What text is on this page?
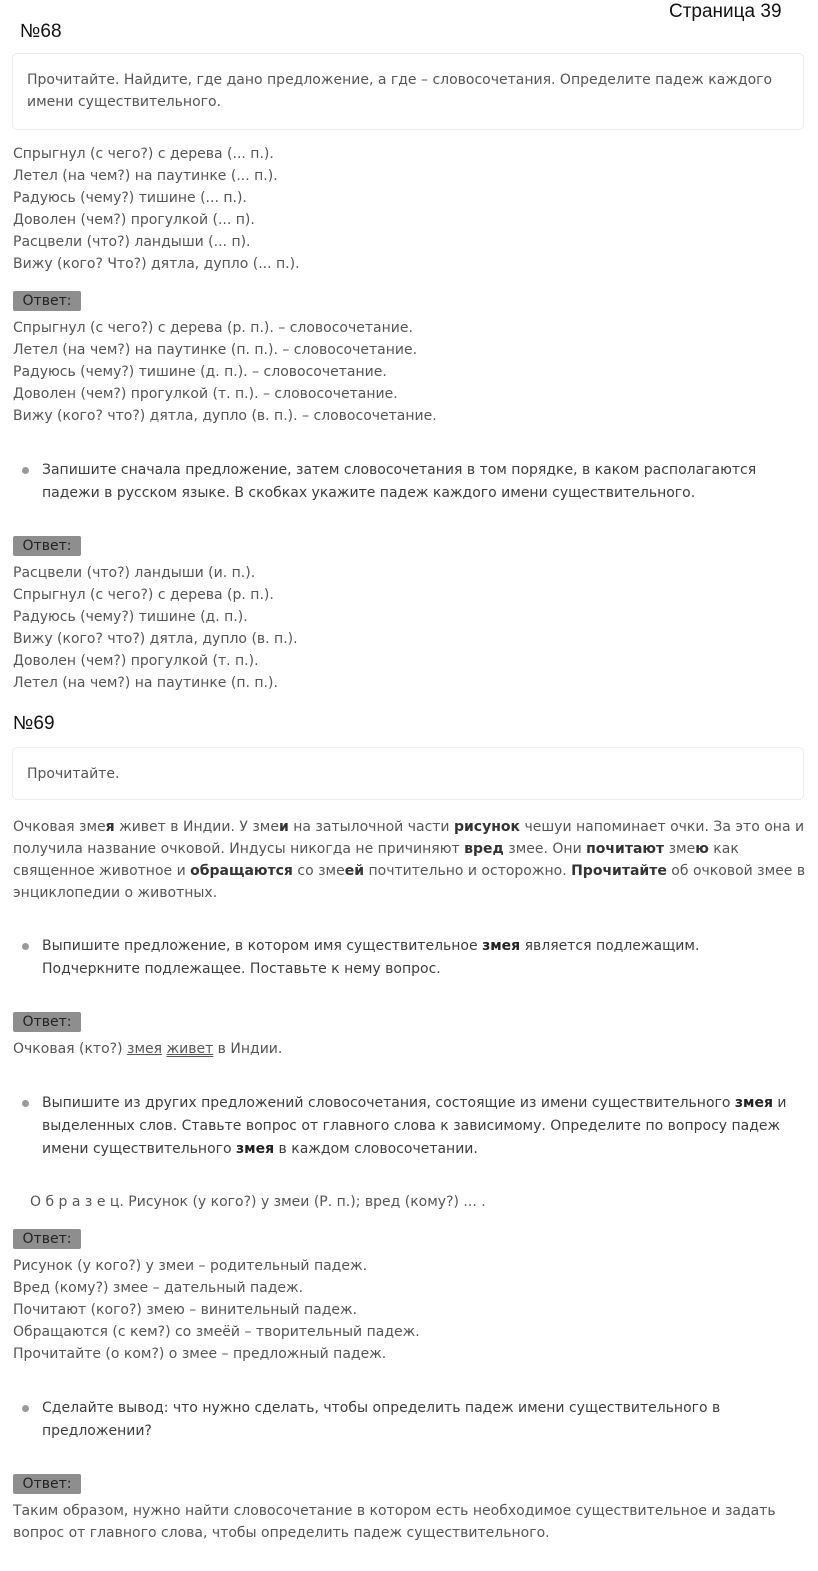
Страница 39
№68
Прочитайте. Найдите, где дано предложение, а где – словосочетания. Определите падеж каждого имени существительного.
Спрыгнул (с чего?) с дерева (... п.).
Летел (на чем?) на паутинке (... п.).
Радуюсь (чему?) тишине (... п.).
Доволен (чем?) прогулкой (... п).
Расцвели (что?) ландыши (... п).
Вижу (кого? Что?) дятла, дупло (... п.).
Ответ:
Спрыгнул (с чего?) с дерева (р. п.). – словосочетание.
Летел (на чем?) на паутинке (п. п.). – словосочетание.
Радуюсь (чему?) тишине (д. п.). – словосочетание.
Доволен (чем?) прогулкой (т. п.). – словосочетание.
Вижу (кого? что?) дятла, дупло (в. п.). – словосочетание.
Запишите сначала предложение, затем словосочетания в том порядке, в каком располагаются падежи в русском языке. В скобках укажите падеж каждого имени существительного.
Ответ:
Расцвели (что?) ландыши (и. п.).
Спрыгнул (с чего?) с дерева (р. п.).
Радуюсь (чему?) тишине (д. п.).
Вижу (кого? что?) дятла, дупло (в. п.).
Доволен (чем?) прогулкой (т. п.).
Летел (на чем?) на паутинке (п. п.).
№69
Прочитайте.
Очковая змея живет в Индии. У змеи на затылочной части рисунок чешуи напоминает очки. За это она и получила название очковой. Индусы никогда не причиняют вред змее. Они почитают змею как священное животное и обращаются со змеей почтительно и осторожно. Прочитайте об очковой змее в энциклопедии о животных.
Выпишите предложение, в котором имя существительное змея является подлежащим. Подчеркните подлежащее. Поставьте к нему вопрос.
Ответ:
Очковая (кто?) змея живет в Индии.
Выпишите из других предложений словосочетания, состоящие из имени существительного змея и выделенных слов. Ставьте вопрос от главного слова к зависимому. Определите по вопросу падеж имени существительного змея в каждом словосочетании.
О б р а з е ц. Рисунок (у кого?) у змеи (Р. п.); вред (кому?) ... .
Ответ:
Рисунок (у кого?) у змеи – родительный падеж.
Вред (кому?) змее – дательный падеж.
Почитают (кого?) змею – винительный падеж.
Обращаются (с кем?) со змеёй – творительный падеж.
Прочитайте (о ком?) о змее – предложный падеж.
Сделайте вывод: что нужно сделать, чтобы определить падеж имени существительного в предложении?
Ответ:
Таким образом, нужно найти словосочетание в котором есть необходимое существительное и задать вопрос от главного слова, чтобы определить падеж существительного.
